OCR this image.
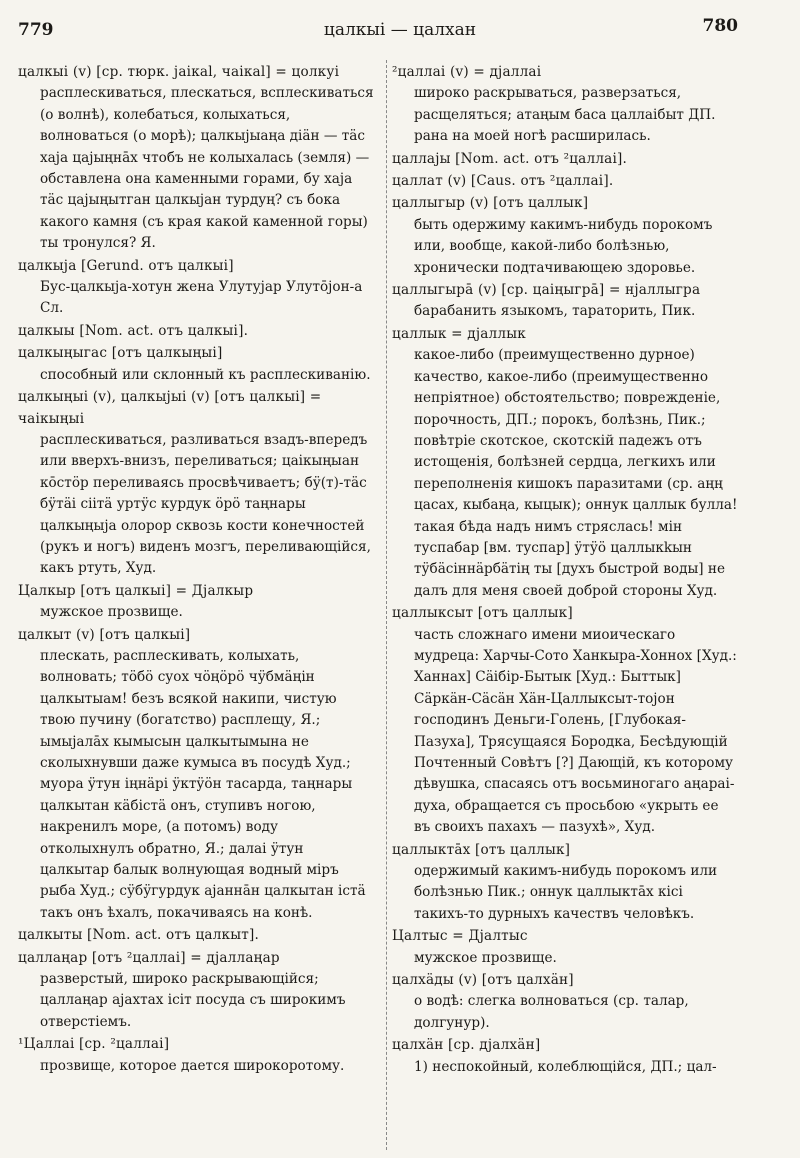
779	цалкыі — цалхан	780
цалкыі (v) [ср. тюрк. jaiкal, чаiкal] = цолкуі
расплескиваться, плескаться, всплескиваться (о волнѣ), колебаться, колыхаться, волноваться (о морѣ); цалкыjыаңа дiäн — тäс хаjа цаjыңнāх чтобъ не колыхалась (земля) — обставлена она каменными горами, бу хаjа тäс цаjыңытган цалкыjан турдуң? съ бока какого камня (съ края какой каменной горы) ты тронулся? Я.
цалкыjа [Gerund. отъ цалкыі]
Бус-цалкыjа-хотун жена Улутуjар Улуто̄jон-а Сл.
цалкыы [Nom. act. отъ цалкыі].
цалкыңыгас [отъ цалкыңыі]
способный или склонный къ расплескиванію.
цалкыңыі (v), цалкыjыі (v) [отъ цалкыі] = чаiкыңыі
расплескиваться, разливаться взадъ-впередъ или вверхъ-внизъ, переливаться; цаiкыңыан ко̄стӧр переливаясь просвѣчиваетъ; бӱ(т)-тäс бӱтäі сiiтä уртӱс курдук ӧрӧ таңнары цалкыңыjа олорор сквозь кости конечностей (рукъ и ногъ) виденъ мозгъ, переливающійся, какъ ртуть, Худ.
Цалкыр [отъ цалкыі] = Дjалкыр
мужское прозвище.
цалкыт (v) [отъ цалкыі]
плескать, расплескивать, колыхать, волновать; тӧбӧ суох чӧңӧрӧ чӱбмäңiн цалкытыам! безъ всякой накипи, чистую твою пучину (богатство) расплещу, Я.; ымыjалāх кымысын цалкытымына не сколыхнувши даже кумыса въ посудѣ Худ.; муора ӱтун iңнäрi ӱктӱӧн тасарда, таңнары цалкытан кäбiстä онъ, ступивъ ногою, накренилъ море, (а потомъ) воду отколыхнулъ обратно, Я.; далаі ӱтун цалкытар балык волнующая водный міръ рыба Худ.; сӱбӱгурдук аjаннāн цалкытан iстä такъ онъ ѣхалъ, покачиваясь на конѣ.
цалкыты [Nom. act. отъ цалкыт].
цаллаңар [отъ ²цаллаі] = дjаллаңар
разверстый, широко раскрывающійся; цаллаңар аjахтах iсiт посуда съ широкимъ отверстіемъ.
¹Цаллаі [ср. ²цаллаі]
прозвище, которое дается широкоротому.
²цаллаі (v) = дjаллаі
широко раскрываться, разверзаться, расщеляться; атаңым баса цаллаiбыт ДП. рана на моей ногѣ расширилась.
цаллаjы [Nom. act. отъ ²цаллаі].
цаллат (v) [Caus. отъ ²цаллаі].
цаллыгыр (v) [отъ цаллык]
быть одержиму какимъ-нибудь порокомъ или, вообще, какой-либо болѣзнью, хронически подтачивающею здоровье.
цаллыгырā (v) [ср. цаiңыгрā] = нjаллыгра
барабанить языкомъ, тараторить, Пик.
цаллык = дjаллык
какое-либо (преимущественно дурное) качество, какое-либо (преимущественно непріятное) обстоятельство; поврежденіе, порочность, ДП.; порокъ, болѣзнь, Пик.; повѣтріе скотское, скотскій падежъ отъ истощенія, болѣзней сердца, легкихъ или переполненія кишокъ паразитами (ср. аңң цасах, кыбаңа, кыцык); оннук цаллык булла! такая бѣда надъ нимъ стряслась! мiн туспабар [вм. туспар] ӱтӱӧ цаллыкkын тӱбäсiннäрбäтiң ты [духъ быстрой воды] не далъ для меня своей доброй стороны Худ.
цаллыксыт [отъ цаллык]
часть сложнаго имени миоическаго мудреца: Харчы-Сото Ханкыра-Хоннох [Худ.: Ханнах] Сäiбiр-Бытык [Худ.: Быттык] Сäркäн-Сäсäн Хäн-Цаллыксыт-тоjон господинъ Деньги-Голень, [Глубокая-Пазуха], Трясущаяся Бородка, Бесѣдующій Почтенный Совѣтъ [?] Дающій, къ которому дѣвушка, спасаясь отъ восьминогаго аңараі-духа, обращается съ просьбою «укрыть ее въ своихъ пахахъ — пазухѣ», Худ.
цаллыктāх [отъ цаллык]
одержимый какимъ-нибудь порокомъ или болѣзнью Пик.; оннук цаллыктāх кiсi такихъ-то дурныхъ качествъ человѣкъ.
Цалтыс = Дjалтыс
мужское прозвище.
цалхäды (v) [отъ цалхäн]
о водѣ: слегка волноваться (ср. талар, долгунур).
цалхäн [ср. дjалхäн]
1) неспокойный, колеблющійся, ДП.; цал-
